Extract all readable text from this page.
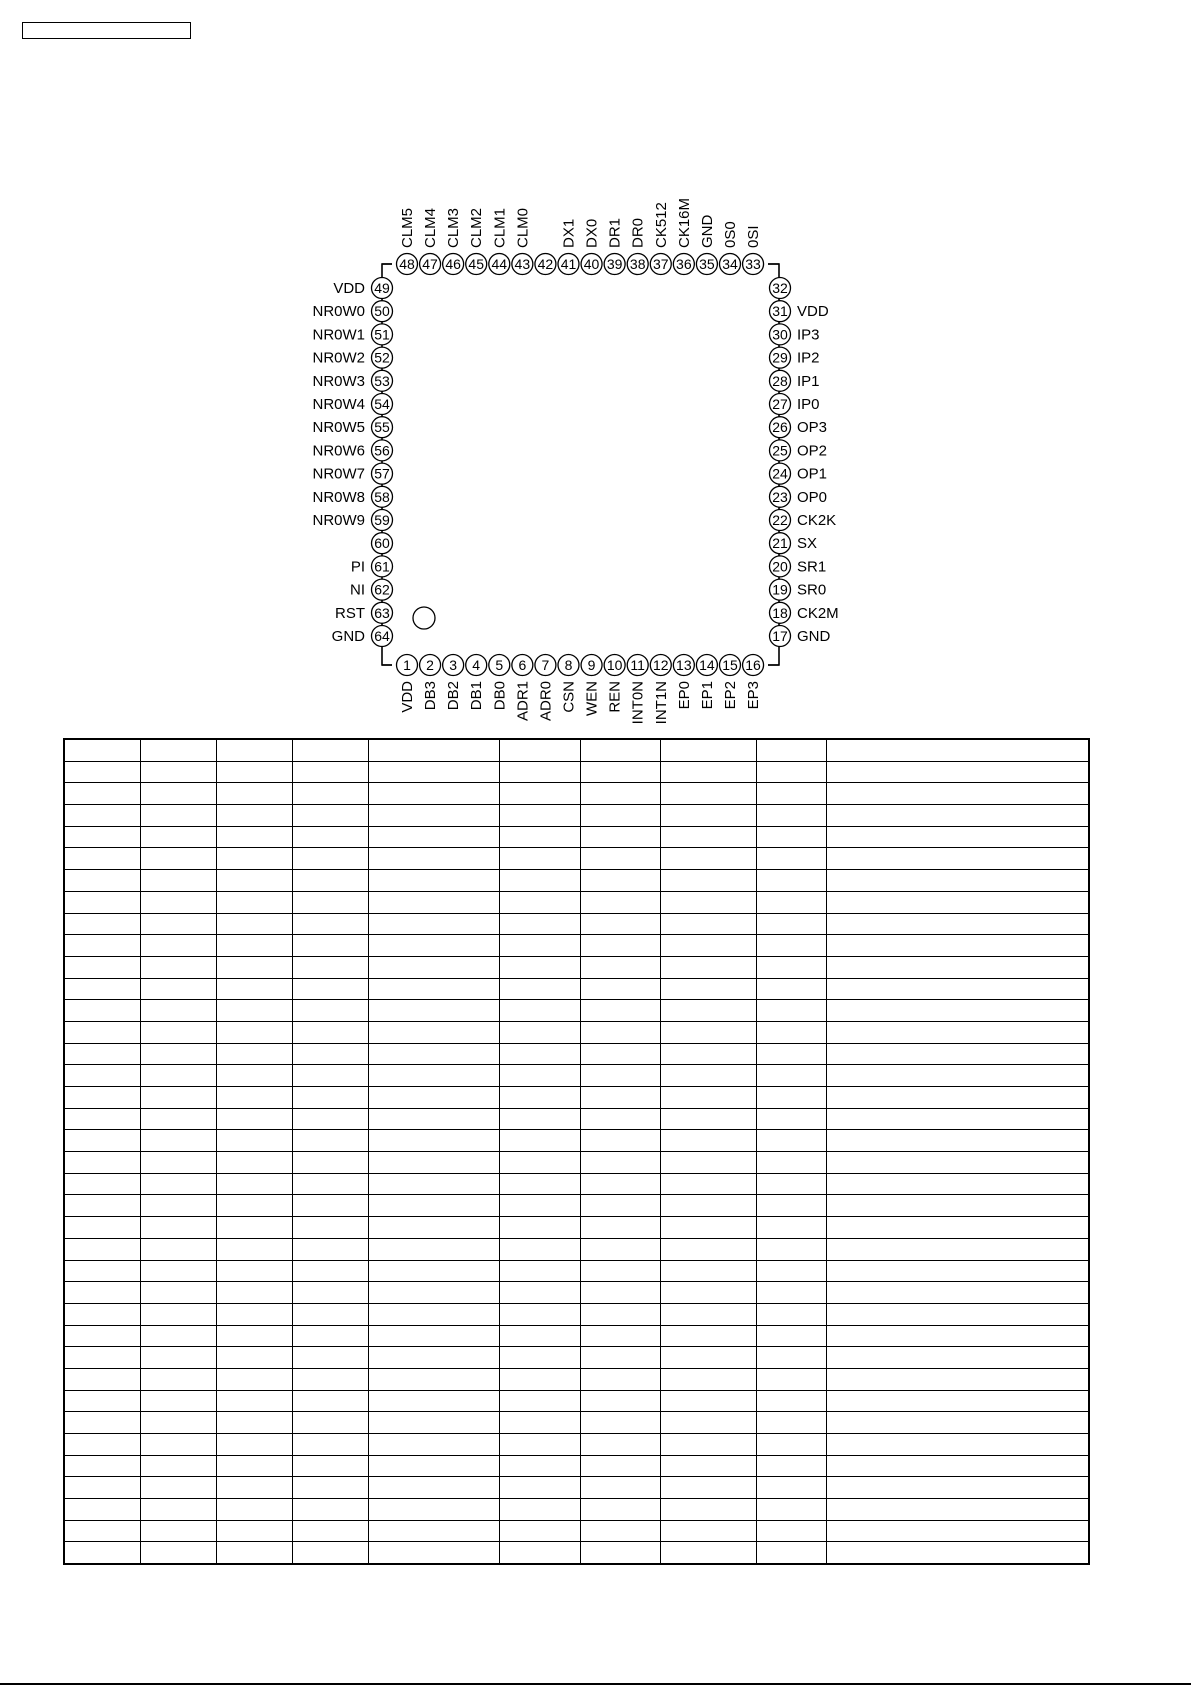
48
CLM5
47
CLM4
46
CLM3
45
CLM2
44
CLM1
43
CLM0
42 41
DX1
40
DX0
39
DR1
38
DR0
37
CK512
36
CK16M
35
GND
34
0S0
33
0SI
1
VDD
2
DB3
3
DB2
4
DB1
5
DB0
6
ADR1
7
ADR0
8
CSN
9
WEN
10
REN
11
INT0N
12
INT1N
13
EP0
14
EP1
15
EP2
16
EP3
49
VDD
50
NR0W0
51
NR0W1
52
NR0W2
53
NR0W3
54
NR0W4
55
NR0W5
56
NR0W6
57
NR0W7
58
NR0W8
59
NR0W9
60
61
PI
62
NI
63
RST
64
GND
32
31 VDD
30 IP3
29 IP2
28 IP1
27 IP0
26 OP3
25 OP2
24 OP1
23 OP0
22 CK2K
21 SX
20 SR1
19 SR0
18 CK2M
17 GND
